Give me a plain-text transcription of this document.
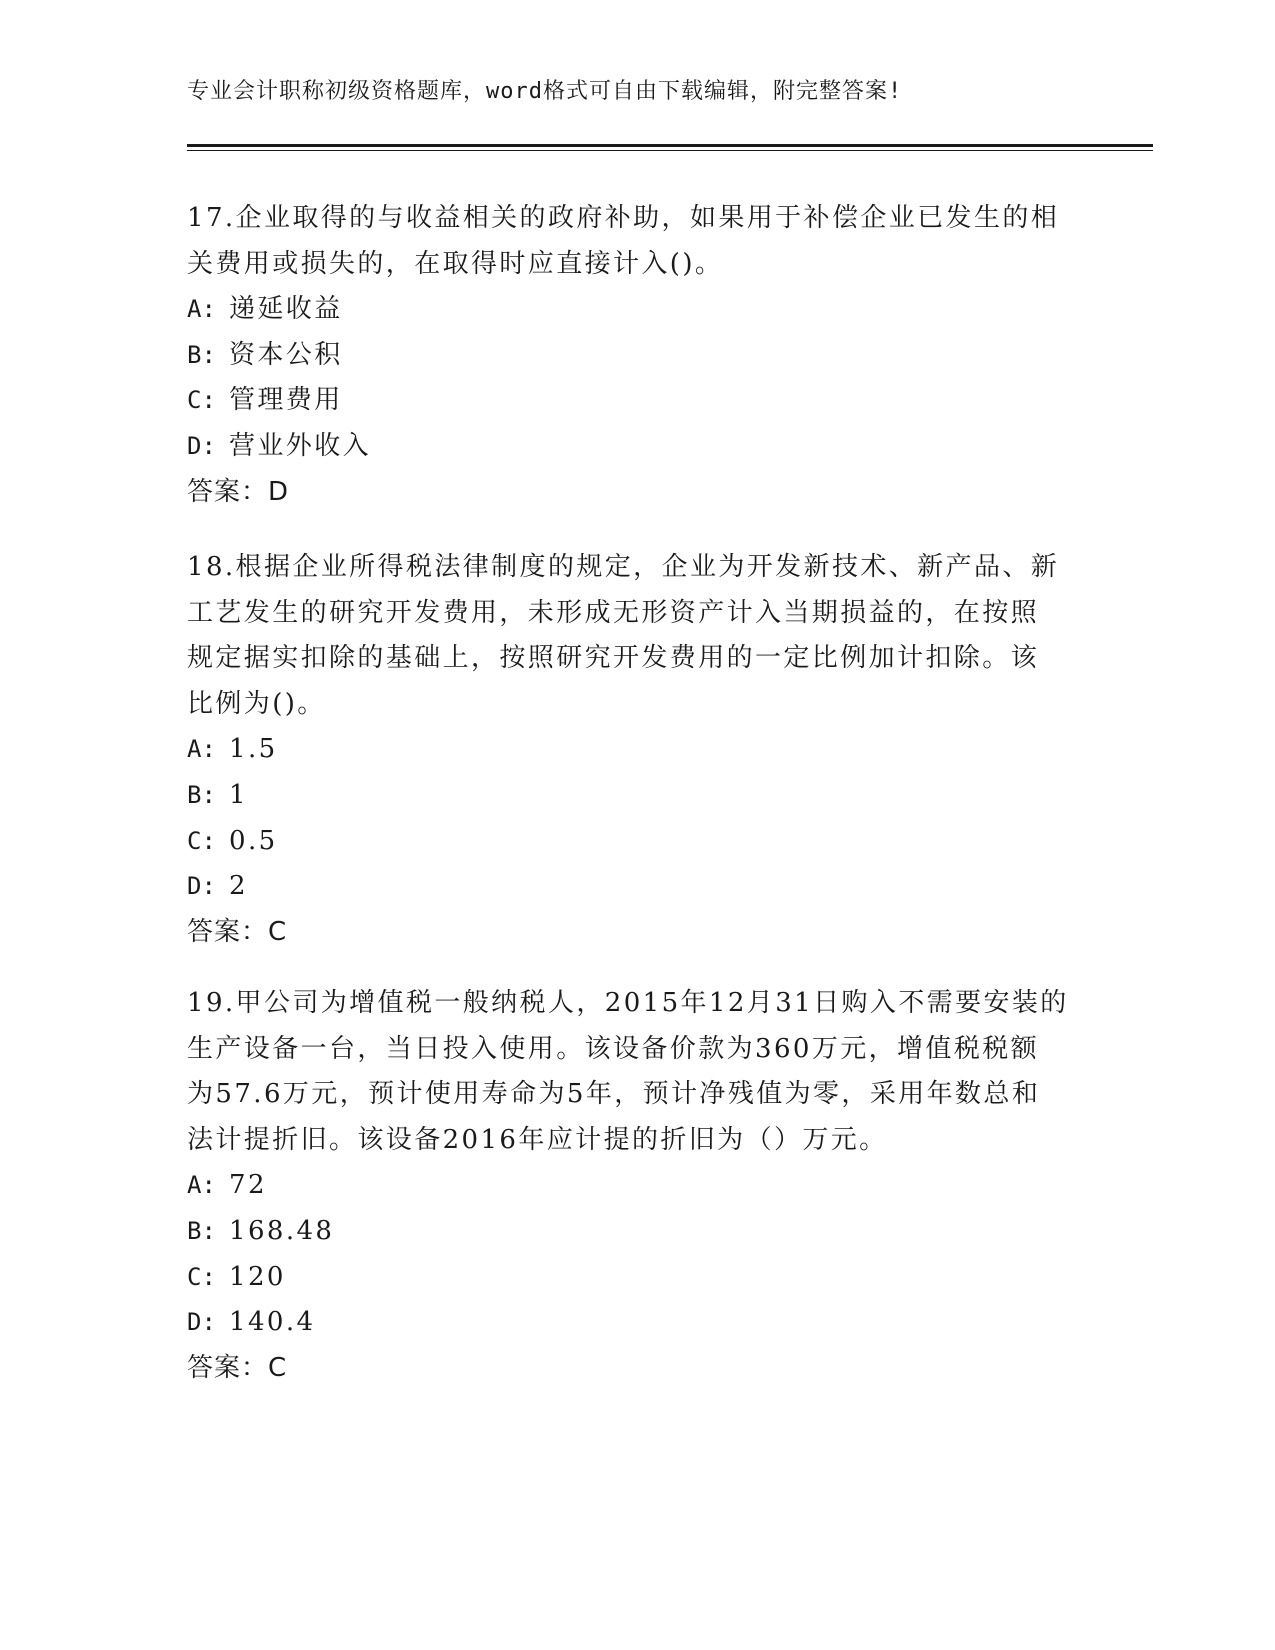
专业会计职称初级资格题库，word格式可自由下载编辑，附完整答案!

17.企业取得的与收益相关的政府补助，如果用于补偿企业已发生的相
关费用或损失的，在取得时应直接计入()。

A: 递延收益
B: 资本公积
C: 管理费用
D: 营业外收入
答案：D

18.根据企业所得税法律制度的规定，企业为开发新技术、新产品、新
工艺发生的研究开发费用，未形成无形资产计入当期损益的，在按照
规定据实扣除的基础上，按照研究开发费用的一定比例加计扣除。该
比例为()。

A: 1.5
B: 1
C: 0.5
D: 2
答案：C

19.甲公司为增值税一般纳税人，2015年12月31日购入不需要安装的
生产设备一台，当日投入使用。该设备价款为360万元，增值税税额
为57.6万元，预计使用寿命为5年，预计净残值为零，采用年数总和
法计提折旧。该设备2016年应计提的折旧为（）万元。

A: 72
B: 168.48
C: 120
D: 140.4
答案：C
